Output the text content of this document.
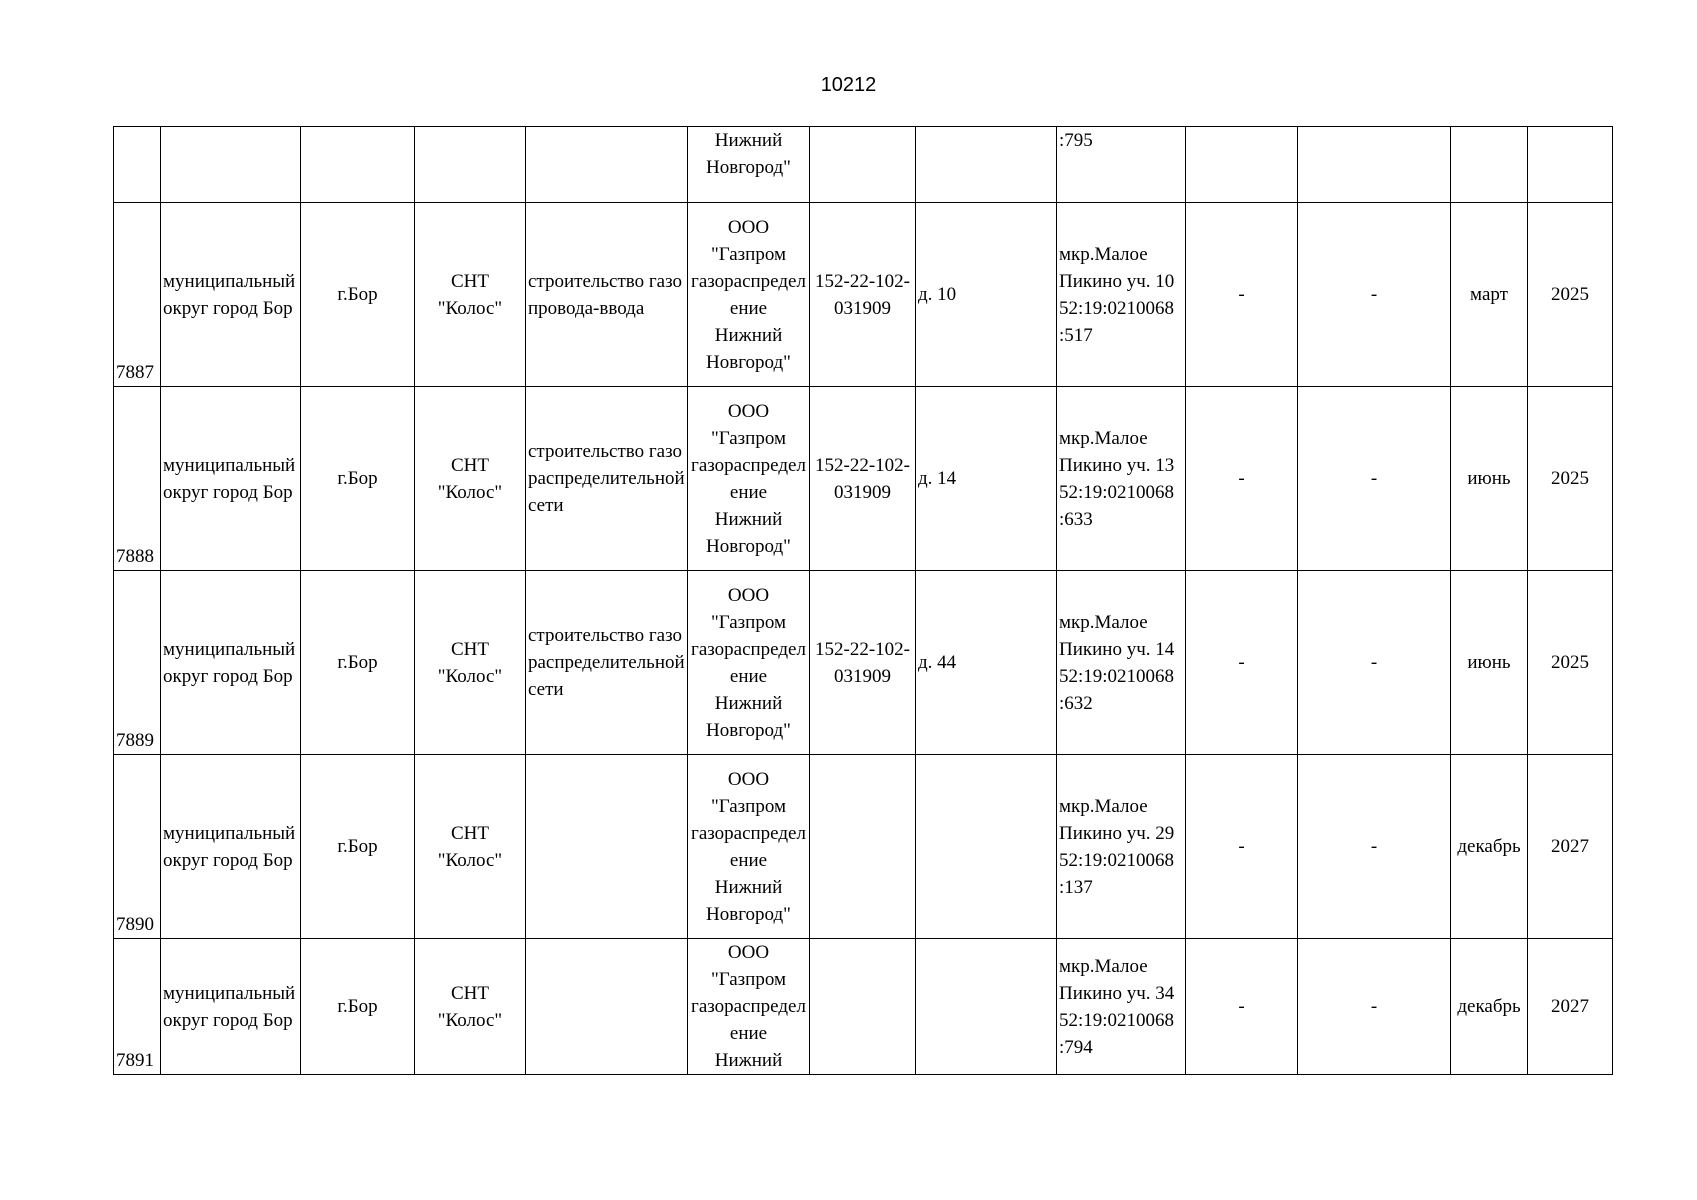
10212
					Нижний
Новгород"			:795				
7887	муниципальный округ город Бор	г.Бор	СНТ
"Колос"	строительство газопровода-ввода	ООО
"Газпром
газораспределение
Нижний
Новгород"	152-22-102-031909	д. 10	мкр.Малое
Пикино уч. 10
52:19:0210068
:517	-	-	март	2025
7888	муниципальный округ город Бор	г.Бор	СНТ
"Колос"	строительство газораспределительной сети	ООО
"Газпром
газораспределение
Нижний
Новгород"	152-22-102-031909	д. 14	мкр.Малое
Пикино уч. 13
52:19:0210068
:633	-	-	июнь	2025
7889	муниципальный округ город Бор	г.Бор	СНТ
"Колос"	строительство газораспределительной сети	ООО
"Газпром
газораспределение
Нижний
Новгород"	152-22-102-031909	д. 44	мкр.Малое
Пикино уч. 14
52:19:0210068
:632	-	-	июнь	2025
7890	муниципальный округ город Бор	г.Бор	СНТ
"Колос"		ООО
"Газпром
газораспределение
Нижний
Новгород"			мкр.Малое
Пикино уч. 29
52:19:0210068
:137	-	-	декабрь	2027
7891	муниципальный округ город Бор	г.Бор	СНТ
"Колос"		ООО
"Газпром
газораспределение
Нижний			мкр.Малое
Пикино уч. 34
52:19:0210068
:794	-	-	декабрь	2027
